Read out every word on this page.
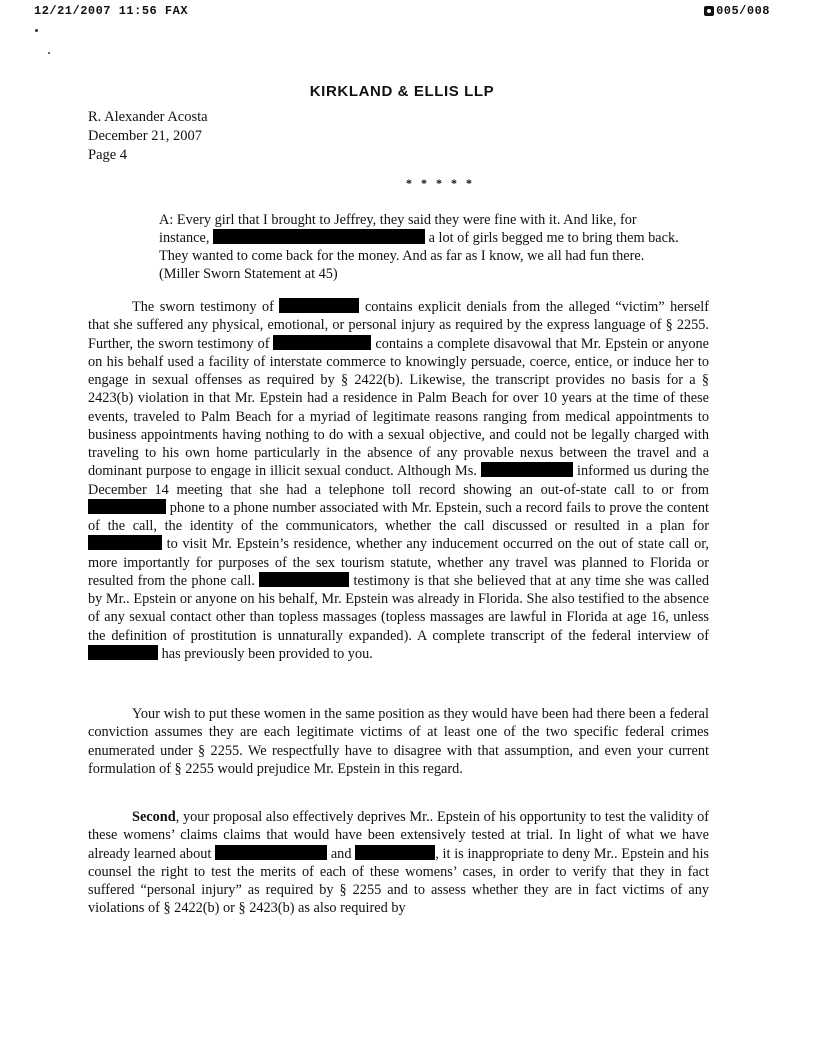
12/21/2007 11:56 FAX	005/008
KIRKLAND & ELLIS LLP
R. Alexander Acosta
December 21, 2007
Page 4
* * * * *
A: Every girl that I brought to Jeffrey, they said they were fine with it. And like, for
instance,	a lot of girls begged me to bring them back.
They wanted to come back for the money. And as far as I know, we all had fun there.
(Miller Sworn Statement at 45)
The sworn testimony of	contains explicit denials from the alleged “victim” herself that she suffered any physical, emotional, or personal injury as required by the express language of § 2255. Further, the sworn testimony of	contains a complete disavowal that Mr. Epstein or anyone on his behalf used a facility of interstate commerce to knowingly persuade, coerce, entice, or induce her to engage in sexual offenses as required by § 2422(b). Likewise, the transcript provides no basis for a § 2423(b) violation in that Mr. Epstein had a residence in Palm Beach for over 10 years at the time of these events, traveled to Palm Beach for a myriad of legitimate reasons ranging from medical appointments to business appointments having nothing to do with a sexual objective, and could not be legally charged with traveling to his own home particularly in the absence of any provable nexus between the travel and a dominant purpose to engage in illicit sexual conduct. Although Ms.	informed us during the December 14 meeting that she had a telephone toll record showing an out-of-state call to or from  phone to a phone number associated with Mr. Epstein, such a record fails to prove the content of the call, the identity of the communicators, whether the call discussed or resulted in a plan for  to visit Mr. Epstein’s residence, whether any inducement occurred on the out of state call or, more importantly for purposes of the sex tourism statute, whether any travel was planned to Florida or resulted from the phone call.	testimony is that she believed that at any time she was called by Mr.. Epstein or anyone on his behalf, Mr. Epstein was already in Florida. She also testified to the absence of any sexual contact other than topless massages (topless massages are lawful in Florida at age 16, unless the definition of prostitution is unnaturally expanded). A complete transcript of the federal interview of  has previously been provided to you.
Your wish to put these women in the same position as they would have been had there been a federal conviction assumes they are each legitimate victims of at least one of the two specific federal crimes enumerated under § 2255. We respectfully have to disagree with that assumption, and even your current formulation of § 2255 would prejudice Mr. Epstein in this regard.
Second, your proposal also effectively deprives Mr.. Epstein of his opportunity to test the validity of these womens’ claims claims that would have been extensively tested at trial. In light of what we have already learned about	and	, it is inappropriate to deny Mr.. Epstein and his counsel the right to test the merits of each of these womens’ cases, in order to verify that they in fact suffered “personal injury” as required by § 2255 and to assess whether they are in fact victims of any violations of § 2422(b) or § 2423(b) as also required by
